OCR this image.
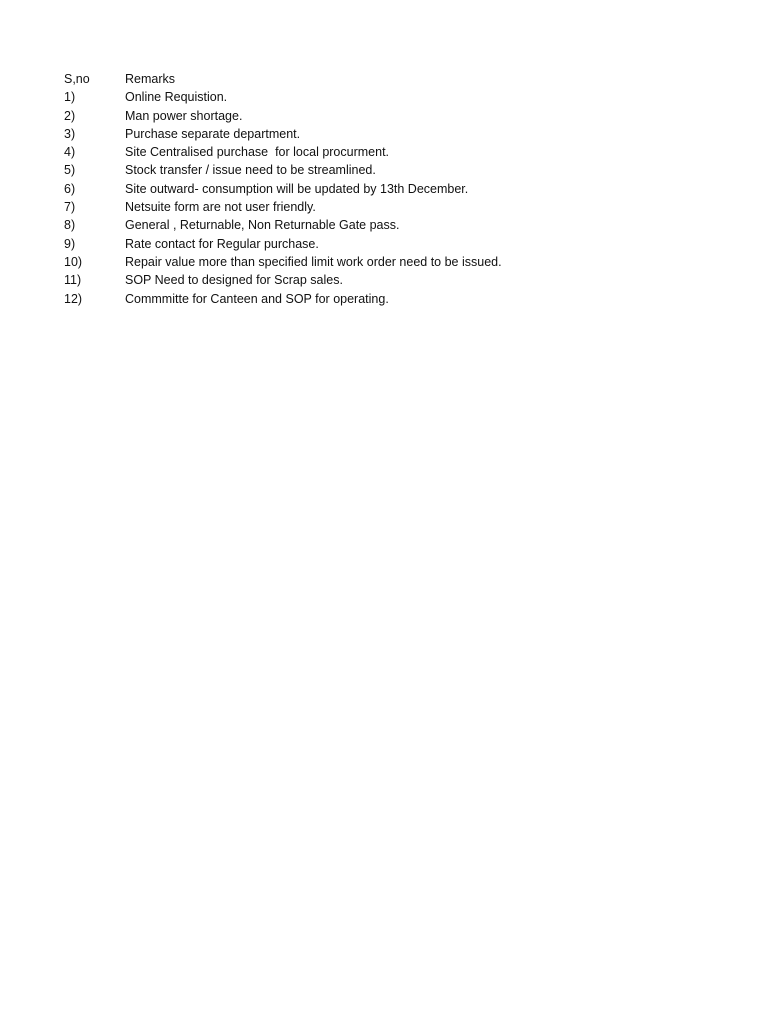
S,no	Remarks
1)	Online Requistion.
2)	Man power shortage.
3)	Purchase separate department.
4)	Site Centralised purchase  for local procurment.
5)	Stock transfer / issue need to be streamlined.
6)	Site outward- consumption will be updated by 13th December.
7)	Netsuite form are not user friendly.
8)	General , Returnable, Non Returnable Gate pass.
9)	Rate contact for Regular purchase.
10)	Repair value more than specified limit work order need to be issued.
11)	SOP Need to designed for Scrap sales.
12)	Commmitte for Canteen and SOP for operating.
